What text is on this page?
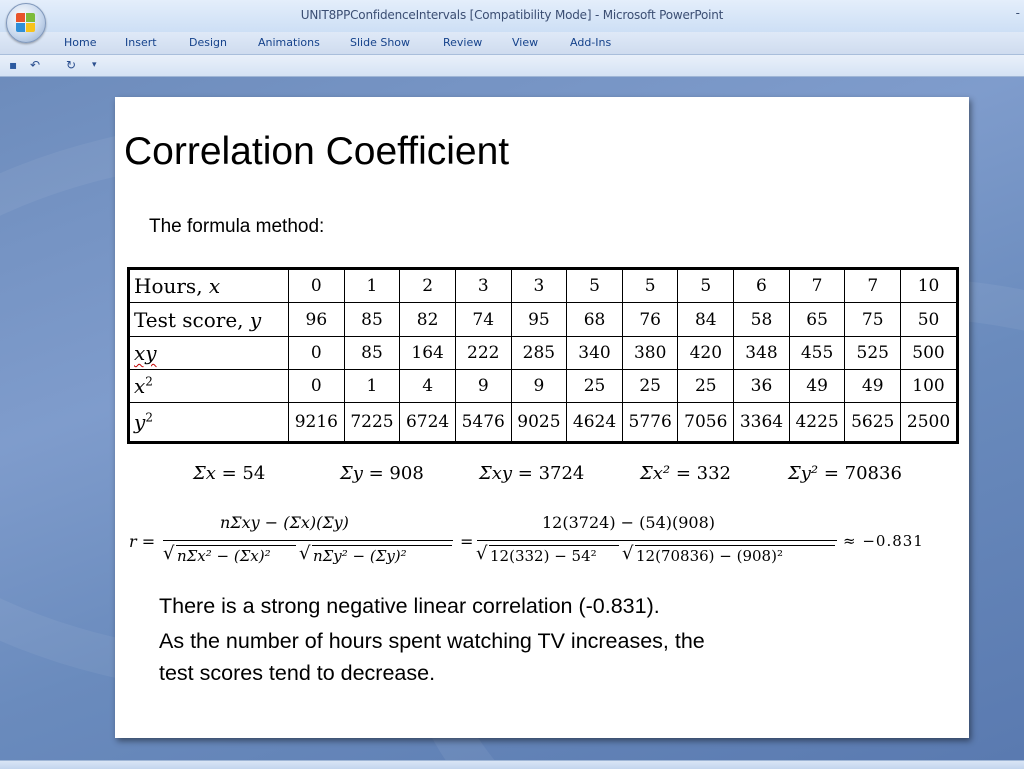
UNIT8PPConfidenceIntervals [Compatibility Mode] - Microsoft PowerPoint	-
Home	Insert	Design	Animations	Slide Show	Review	View	Add-Ins
▪ ↶ ↻ ▾
Correlation Coefficient
The formula method:
Hours, x	0	1	2	3	3	5	5	5	6	7	7	10
Test score, y	96	85	82	74	95	68	76	84	58	65	75	50
xy	0	85	164	222	285	340	380	420	348	455	525	500
$x^2$	0	1	4	9	9	25	25	25	36	49	49	100
$y^2$	9216	7225	6724	5476	9025	4624	5776	7056	3364	4225	5625	2500
Σx = 54	Σy = 908	Σxy = 3724	Σx² = 332	Σy² = 70836
r =
nΣxy − (Σx)(Σy)
√ nΣx² − (Σx)² √ nΣy² − (Σy)²
=
12(3724) − (54)(908)
√ 12(332) − 54² √ 12(70836) − (908)²
≈ −0.831
There is a strong negative linear correlation (-0.831).
As the number of hours spent watching TV increases, the
test scores tend to decrease.
